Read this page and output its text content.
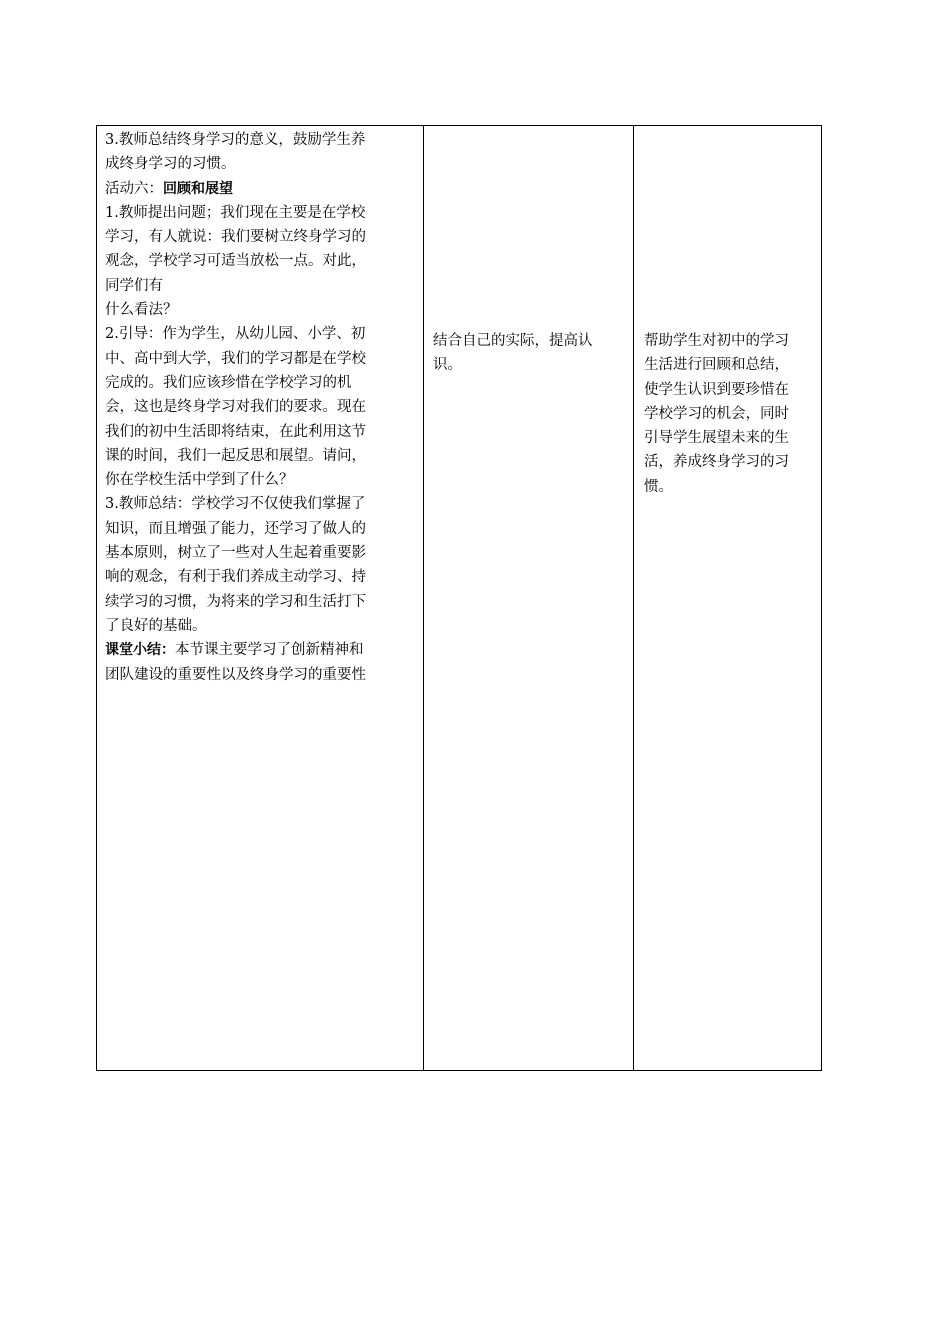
3.教师总结终身学习的意义，鼓励学生养
成终身学习的习惯。
活动六：回顾和展望
1.教师提出问题；我们现在主要是在学校
学习，有人就说：我们要树立终身学习的
观念，学校学习可适当放松一点。对此，
同学们有
什么看法？
2.引导：作为学生，从幼儿园、小学、初
中、高中到大学，我们的学习都是在学校
完成的。我们应该珍惜在学校学习的机
会，这也是终身学习对我们的要求。现在
我们的初中生活即将结束，在此利用这节
课的时间，我们一起反思和展望。请问，
你在学校生活中学到了什么？
3.教师总结：学校学习不仅使我们掌握了
知识，而且增强了能力，还学习了做人的
基本原则，树立了一些对人生起着重要影
响的观念，有利于我们养成主动学习、持
续学习的习惯，为将来的学习和生活打下
了良好的基础。
课堂小结：本节课主要学习了创新精神和
团队建设的重要性以及终身学习的重要性

结合自己的实际，提高认
识。

帮助学生对初中的学习
生活进行回顾和总结，
使学生认识到要珍惜在
学校学习的机会，同时
引导学生展望未来的生
活，养成终身学习的习
惯。
